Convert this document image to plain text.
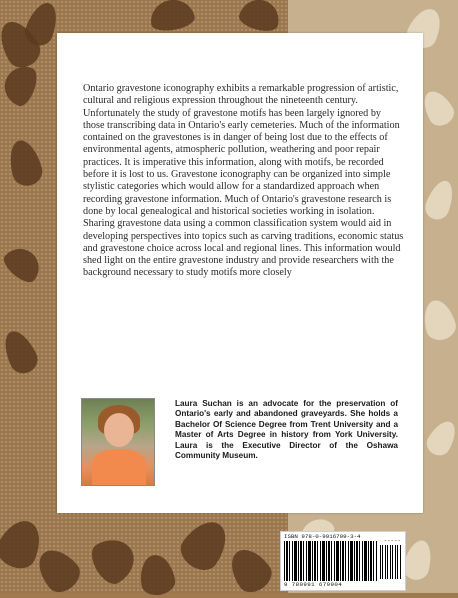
Ontario gravestone iconography exhibits a remarkable progression of artistic, cultural and religious expression throughout the nineteenth century. Unfortunately the study of gravestone motifs has been largely ignored by those transcribing data in Ontario's early cemeteries. Much of the information contained on the gravestones is in danger of being lost due to the effects of environmental agents, atmospheric pollution, weathering and poor repair practices. It is imperative this information, along with motifs, be recorded before it is lost to us. Gravestone iconography can be organized into simple stylistic categories which would allow for a standardized approach when recording gravestone information. Much of Ontario's gravestone research is done by local genealogical and historical societies working in isolation. Sharing gravestone data using a common classification system would aid in developing perspectives into topics such as carving traditions, economic status and gravestone choice across local and regional lines. This information would shed light on the entire gravestone industry and provide researchers with the background necessary to study motifs more closely

Laura Suchan is an advocate for the preservation of Ontario's early and abandoned graveyards. She holds a Bachelor Of Science Degree from Trent University and a Master of Arts Degree in history from York University. Laura is the Executive Director of the Oshawa Community Museum.

ISBN 978-0-9916799-3-4
9 780991 679904
